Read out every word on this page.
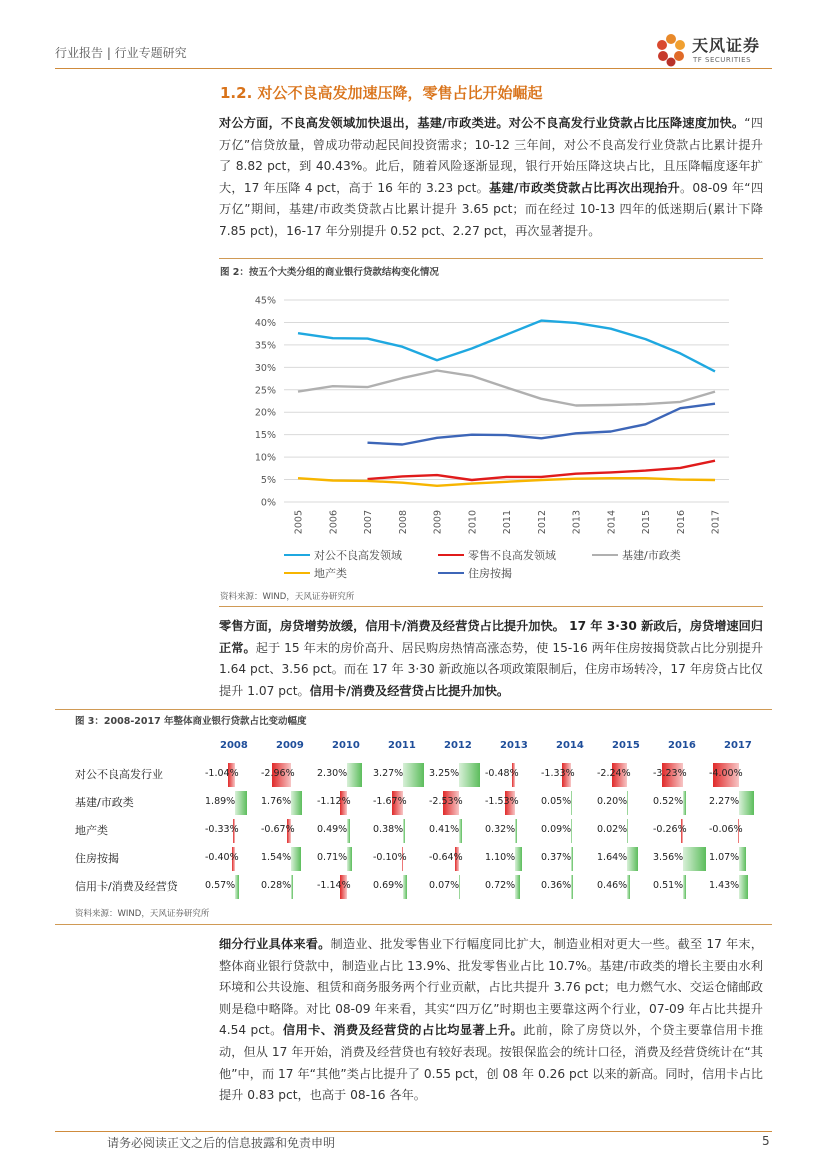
行业报告 | 行业专题研究	天风证券
TF SECURITIES
1.2. 对公不良高发加速压降，零售占比开始崛起
对公方面，不良高发领域加快退出，基建/市政类进。对公不良高发行业贷款占比压降速度加快。“四万亿”信贷放量，曾成功带动起民间投资需求；10-12 三年间，对公不良高发行业贷款占比累计提升了 8.82 pct，到 40.43%。此后，随着风险逐渐显现，银行开始压降这块占比，且压降幅度逐年扩大，17 年压降 4 pct，高于 16 年的 3.23 pct。基建/市政类贷款占比再次出现抬升。08-09 年“四万亿”期间，基建/市政类贷款占比累计提升 3.65 pct；而在经过 10-13 四年的低迷期后(累计下降 7.85 pct)，16-17 年分别提升 0.52 pct、2.27 pct，再次显著提升。
图 2：按五个大类分组的商业银行贷款结构变化情况
0%
5%
10%
15%
20%
25%
30%
35%
40%
45%
2005	2006	2007	2008	2009	2010	2011	2012	2013	2014	2015	2016	2017
对公不良高发领域	零售不良高发领域	基建/市政类
地产类	住房按揭
资料来源：WIND，天风证券研究所
零售方面，房贷增势放缓，信用卡/消费及经营贷占比提升加快。 17 年 3·30 新政后，房贷增速回归正常。起于 15 年末的房价高升、居民购房热情高涨态势，使 15-16 两年住房按揭贷款占比分别提升 1.64 pct、3.56 pct。而在 17 年 3·30 新政施以各项政策限制后，住房市场转冷，17 年房贷占比仅提升 1.07 pct。信用卡/消费及经营贷占比提升加快。
图 3：2008-2017 年整体商业银行贷款占比变动幅度
2008	2009	2010	2011	2012	2013	2014	2015	2016	2017
对公不良高发行业	-1.04% -2.96% 2.30%	3.27%	3.25%	-0.48% -1.33% -2.24% -3.23% -4.00%
基建/市政类	1.89%	1.76%	-1.12% -1.67% -2.53% -1.53% 0.05%	0.20%	0.52%	2.27%
地产类	-0.33% -0.67% 0.49%	0.38%	0.41%	0.32%	0.09%	0.02%	-0.26% -0.06%
住房按揭	-0.40% 1.54%	0.71%	-0.10% -0.64% 1.10%	0.37%	1.64%	3.56%	1.07%
信用卡/消费及经营贷	0.57%	0.28%	-1.14% 0.69%	0.07%	0.72%	0.36%	0.46%	0.51%	1.43%
资料来源：WIND，天风证券研究所
细分行业具体来看。制造业、批发零售业下行幅度同比扩大，制造业相对更大一些。截至 17 年末，整体商业银行贷款中，制造业占比 13.9%、批发零售业占比 10.7%。基建/市政类的增长主要由水利环境和公共设施、租赁和商务服务两个行业贡献，占比共提升 3.76 pct；电力燃气水、交运仓储邮政则是稳中略降。对比 08-09 年来看，其实“四万亿”时期也主要靠这两个行业，07-09 年占比共提升 4.54 pct。信用卡、消费及经营贷的占比均显著上升。此前，除了房贷以外，个贷主要靠信用卡推动，但从 17 年开始，消费及经营贷也有较好表现。按银保监会的统计口径，消费及经营贷统计在“其他”中，而 17 年“其他”类占比提升了 0.55 pct，创 08 年 0.26 pct 以来的新高。同时，信用卡占比提升 0.83 pct，也高于 08-16 各年。
请务必阅读正文之后的信息披露和免责申明	5
